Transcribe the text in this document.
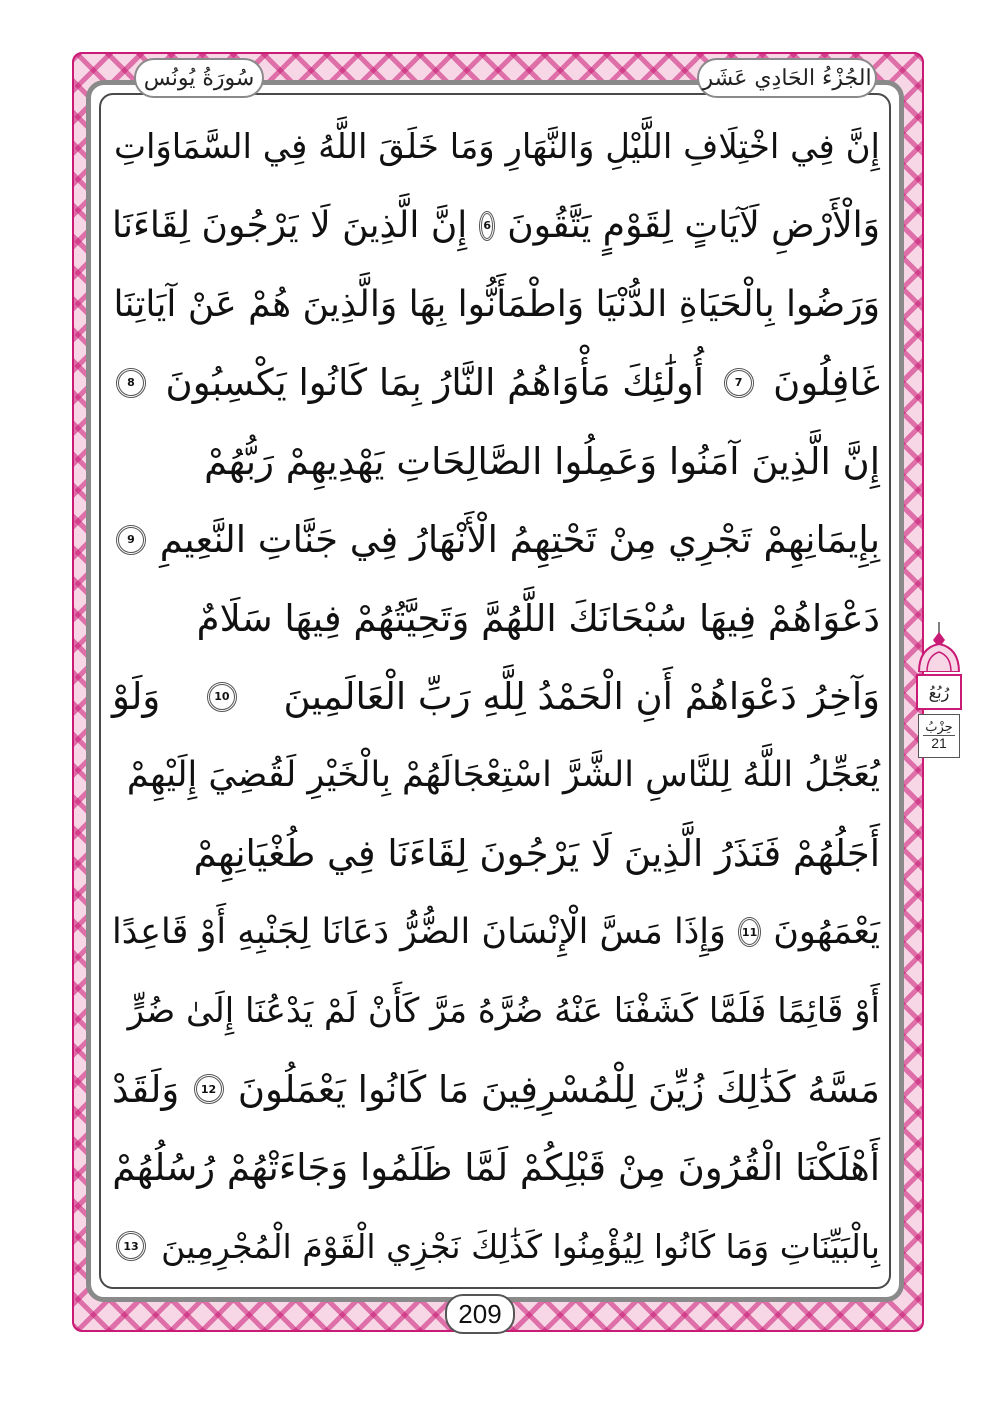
سُورَةُ يُونُس	الجُزْءُ الحَادِي عَشَر
إِنَّ فِي اخْتِلَافِ اللَّيْلِ وَالنَّهَارِ وَمَا خَلَقَ اللَّهُ فِي السَّمَاوَاتِ
وَالْأَرْضِ لَآيَاتٍ لِقَوْمٍ يَتَّقُونَ
6
إِنَّ الَّذِينَ لَا يَرْجُونَ لِقَاءَنَا
وَرَضُوا بِالْحَيَاةِ الدُّنْيَا وَاطْمَأَنُّوا بِهَا وَالَّذِينَ هُمْ عَنْ آيَاتِنَا
غَافِلُونَ
7
أُولَٰئِكَ مَأْوَاهُمُ النَّارُ بِمَا كَانُوا يَكْسِبُونَ
8
إِنَّ الَّذِينَ آمَنُوا وَعَمِلُوا الصَّالِحَاتِ يَهْدِيهِمْ رَبُّهُمْ
بِإِيمَانِهِمْ تَجْرِي مِنْ تَحْتِهِمُ الْأَنْهَارُ فِي جَنَّاتِ النَّعِيمِ
9
دَعْوَاهُمْ فِيهَا سُبْحَانَكَ اللَّهُمَّ وَتَحِيَّتُهُمْ فِيهَا سَلَامٌ
وَآخِرُ دَعْوَاهُمْ أَنِ الْحَمْدُ لِلَّهِ رَبِّ الْعَالَمِينَ
10
وَلَوْ
يُعَجِّلُ اللَّهُ لِلنَّاسِ الشَّرَّ اسْتِعْجَالَهُمْ بِالْخَيْرِ لَقُضِيَ إِلَيْهِمْ
أَجَلُهُمْ فَنَذَرُ الَّذِينَ لَا يَرْجُونَ لِقَاءَنَا فِي طُغْيَانِهِمْ
يَعْمَهُونَ
11
وَإِذَا مَسَّ الْإِنْسَانَ الضُّرُّ دَعَانَا لِجَنْبِهِ أَوْ قَاعِدًا
أَوْ قَائِمًا فَلَمَّا كَشَفْنَا عَنْهُ ضُرَّهُ مَرَّ كَأَنْ لَمْ يَدْعُنَا إِلَىٰ ضُرٍّ
مَسَّهُ كَذَٰلِكَ زُيِّنَ لِلْمُسْرِفِينَ مَا كَانُوا يَعْمَلُونَ
12
وَلَقَدْ
أَهْلَكْنَا الْقُرُونَ مِنْ قَبْلِكُمْ لَمَّا ظَلَمُوا وَجَاءَتْهُمْ رُسُلُهُمْ
بِالْبَيِّنَاتِ وَمَا كَانُوا لِيُؤْمِنُوا كَذَٰلِكَ نَجْزِي الْقَوْمَ الْمُجْرِمِينَ
13
209
رُبُعُ
حِزْبُ
21
